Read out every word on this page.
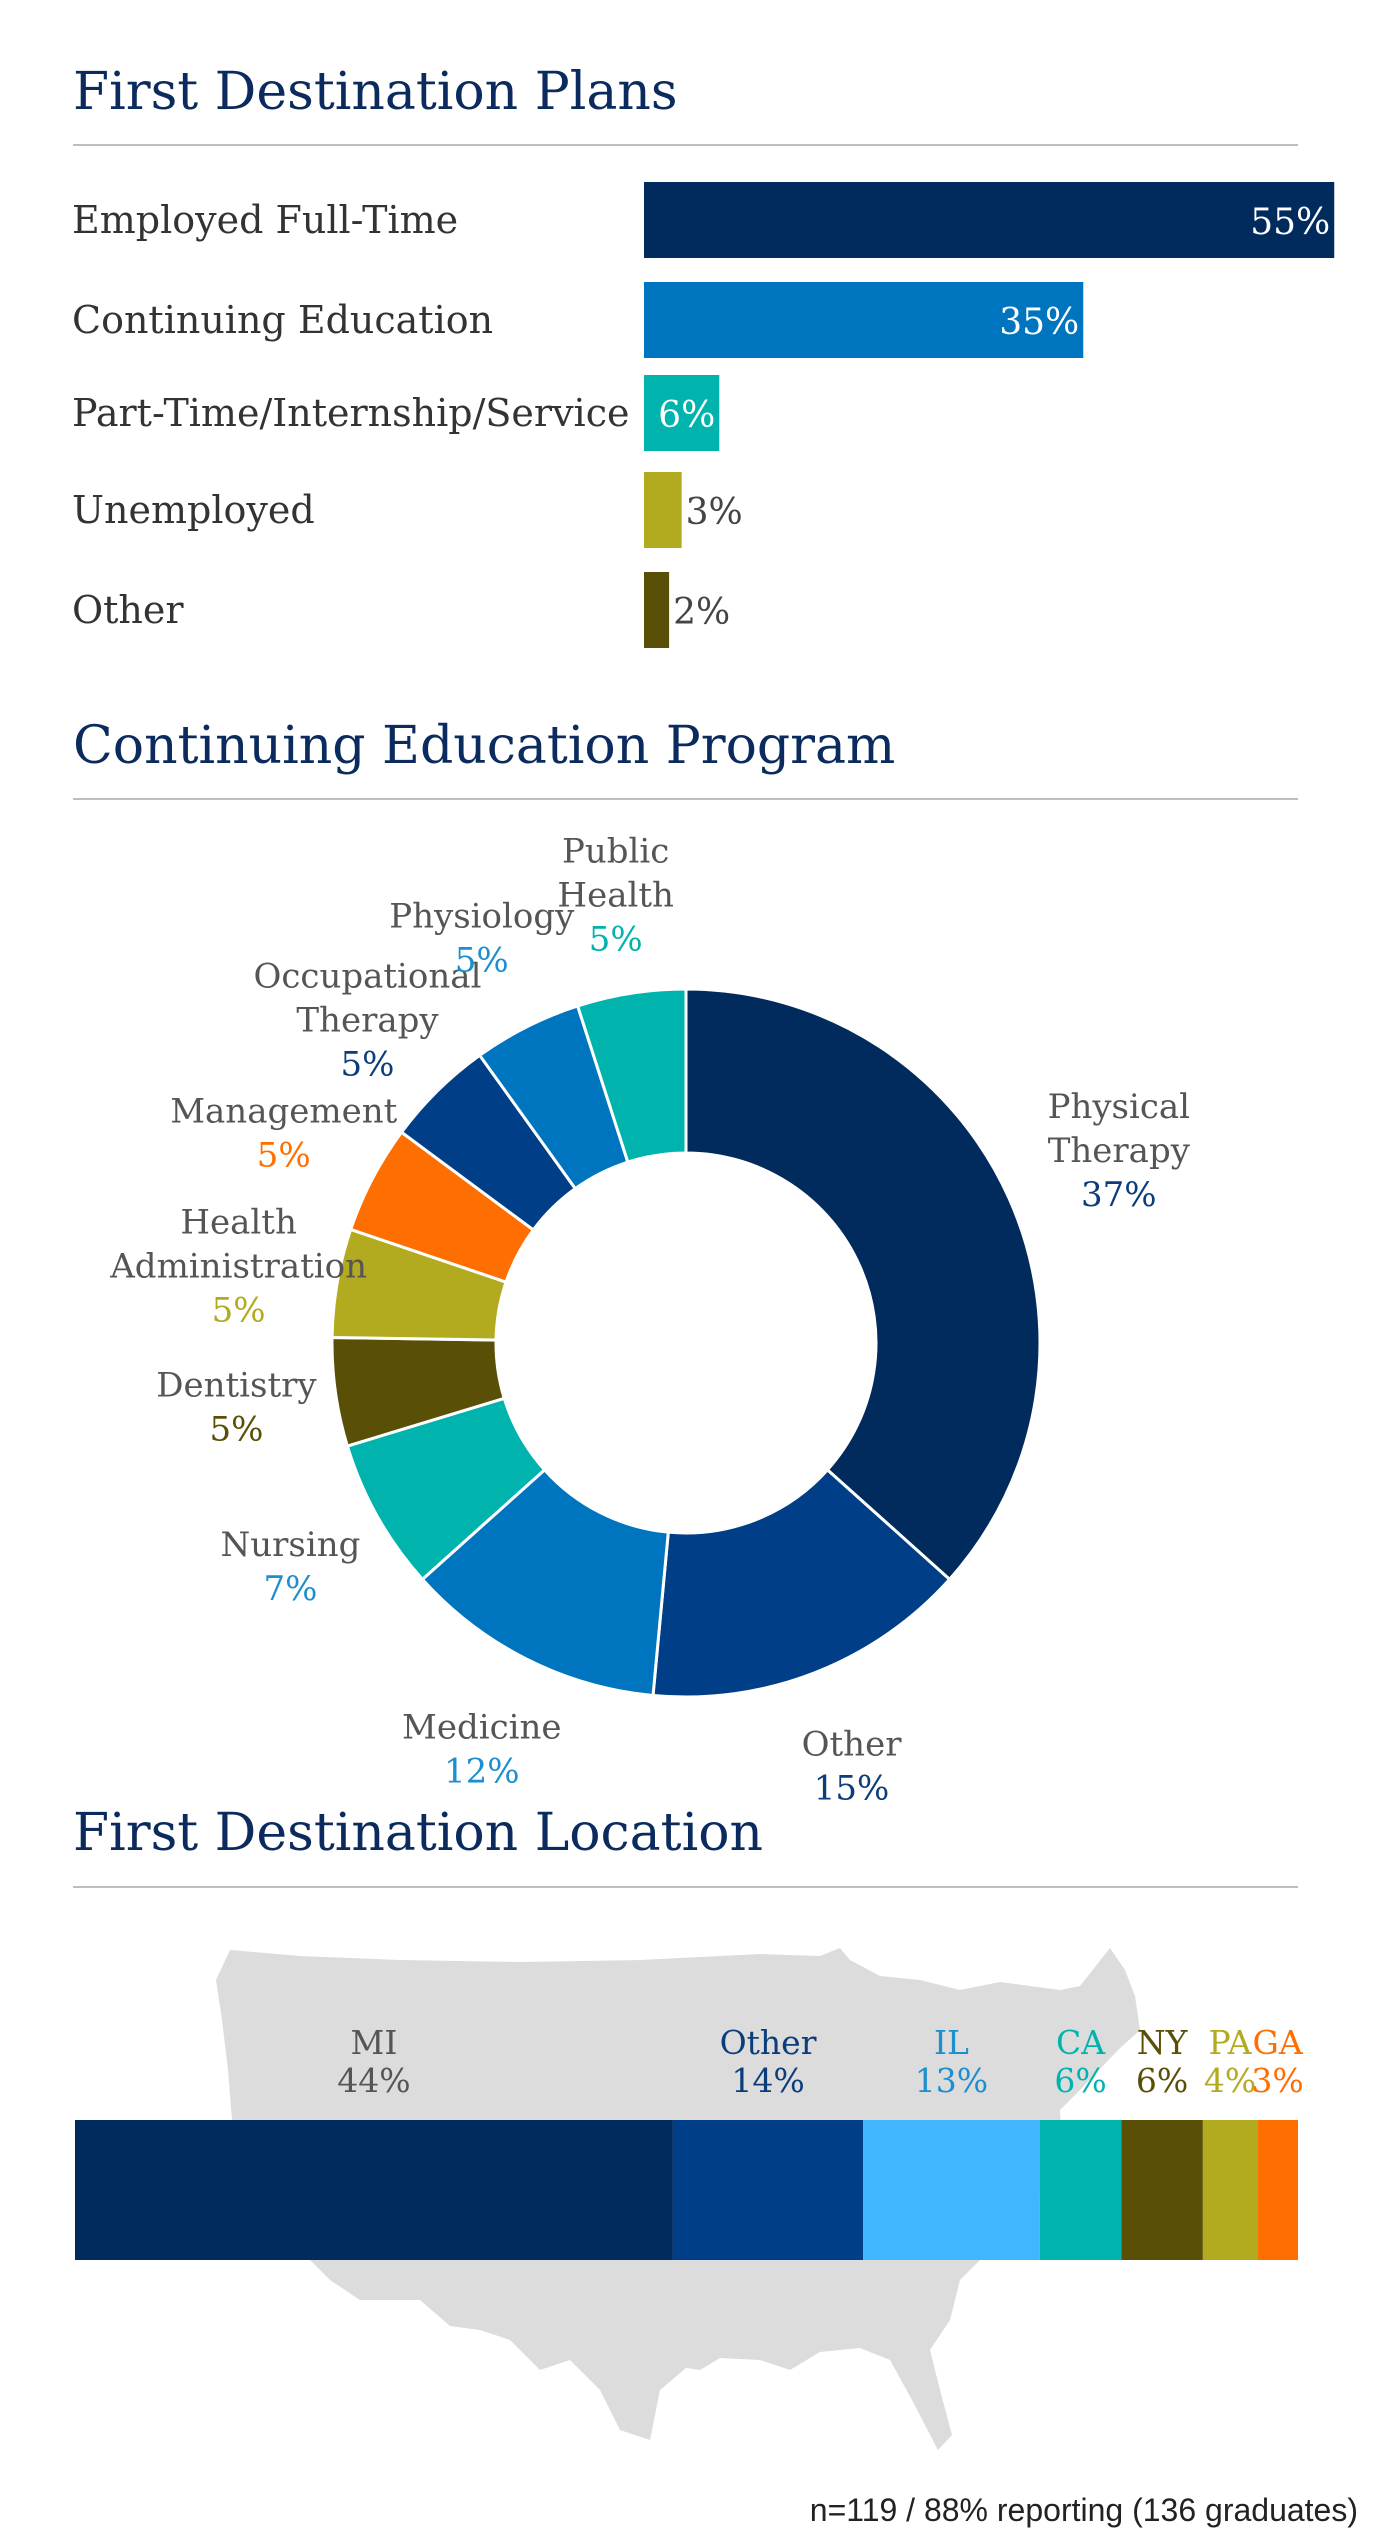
First Destination Plans
Employed Full-Time	55%
Continuing Education	35%
Part-Time/Internship/Service 6%
Unemployed	3%
Other	2%
Continuing Education Program
Physical
Therapy
37%
Other
15%
Medicine
12%
Nursing
7%
Dentistry
5%
Health
Administration
5%
Management
5%
Occupational
Therapy
5%
Physiology
5%
Public
Health
5%
First Destination Location
MI
44%
Other
14%
IL
13%
CA
6%
NY
6%
PA
4%
GA
3%
n=119 / 88% reporting (136 graduates)
